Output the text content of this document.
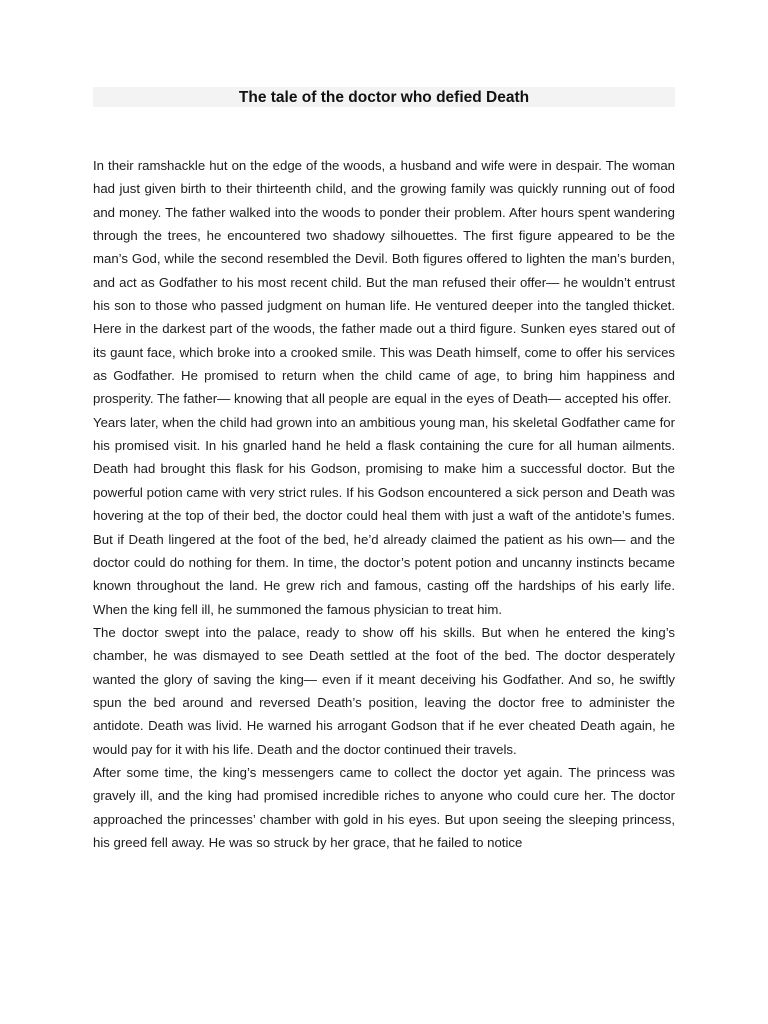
The tale of the doctor who defied Death

In their ramshackle hut on the edge of the woods, a husband and wife were in despair. The woman had just given birth to their thirteenth child, and the growing family was quickly running out of food and money. The father walked into the woods to ponder their problem. After hours spent wandering through the trees, he encountered two shadowy silhouettes. The first figure appeared to be the man’s God, while the second resembled the Devil. Both figures offered to lighten the man’s burden, and act as Godfather to his most recent child. But the man refused their offer— he wouldn’t entrust his son to those who passed judgment on human life. He ventured deeper into the tangled thicket. Here in the darkest part of the woods, the father made out a third figure. Sunken eyes stared out of its gaunt face, which broke into a crooked smile. This was Death himself, come to offer his services as Godfather. He promised to return when the child came of age, to bring him happiness and prosperity. The father— knowing that all people are equal in the eyes of Death— accepted his offer.

Years later, when the child had grown into an ambitious young man, his skeletal Godfather came for his promised visit. In his gnarled hand he held a flask containing the cure for all human ailments. Death had brought this flask for his Godson, promising to make him a successful doctor. But the powerful potion came with very strict rules. If his Godson encountered a sick person and Death was hovering at the top of their bed, the doctor could heal them with just a waft of the antidote’s fumes. But if Death lingered at the foot of the bed, he’d already claimed the patient as his own— and the doctor could do nothing for them. In time, the doctor’s potent potion and uncanny instincts became known throughout the land. He grew rich and famous, casting off the hardships of his early life. When the king fell ill, he summoned the famous physician to treat him.

The doctor swept into the palace, ready to show off his skills. But when he entered the king’s chamber, he was dismayed to see Death settled at the foot of the bed. The doctor desperately wanted the glory of saving the king— even if it meant deceiving his Godfather. And so, he swiftly spun the bed around and reversed Death’s position, leaving the doctor free to administer the antidote. Death was livid. He warned his arrogant Godson that if he ever cheated Death again, he would pay for it with his life. Death and the doctor continued their travels.

After some time, the king’s messengers came to collect the doctor yet again. The princess was gravely ill, and the king had promised incredible riches to anyone who could cure her. The doctor approached the princesses’ chamber with gold in his eyes. But upon seeing the sleeping princess, his greed fell away. He was so struck by her grace, that he failed to notice
